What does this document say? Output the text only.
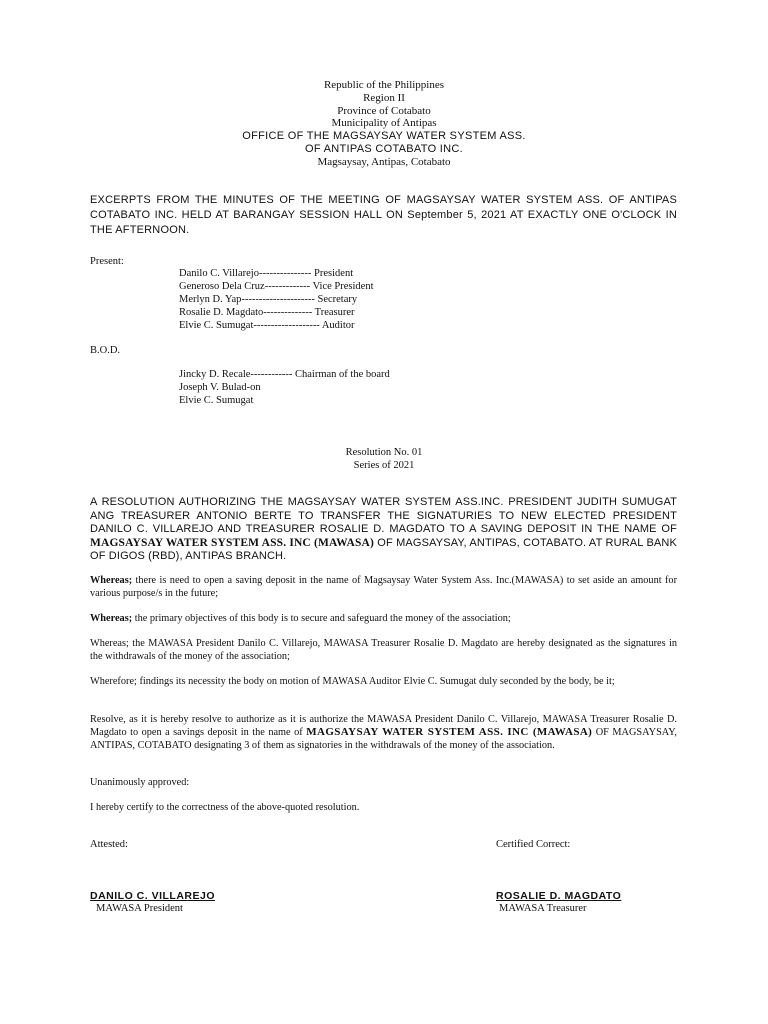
Republic of the Philippines
Region II
Province of Cotabato
Municipality of Antipas
OFFICE OF THE MAGSAYSAY WATER SYSTEM ASS.
OF ANTIPAS COTABATO INC.
Magsaysay, Antipas, Cotabato
EXCERPTS FROM THE MINUTES OF THE MEETING OF MAGSAYSAY WATER SYSTEM ASS. OF ANTIPAS COTABATO INC. HELD AT BARANGAY SESSION HALL ON September 5, 2021 AT EXACTLY ONE O'CLOCK IN THE AFTERNOON.
Present:
Danilo C. Villarejo--------------- President
Generoso Dela Cruz------------- Vice President
Merlyn D. Yap--------------------- Secretary
Rosalie D. Magdato-------------- Treasurer
Elvie C. Sumugat------------------- Auditor
B.O.D.
Jincky D. Recale------------ Chairman of the board
Joseph V. Bulad-on
Elvie C. Sumugat
Resolution No. 01
Series of 2021
A RESOLUTION AUTHORIZING THE MAGSAYSAY WATER SYSTEM ASS.INC. PRESIDENT JUDITH SUMUGAT ANG TREASURER ANTONIO BERTE TO TRANSFER THE SIGNATURIES TO NEW ELECTED PRESIDENT DANILO C. VILLAREJO AND TREASURER ROSALIE D. MAGDATO TO A SAVING DEPOSIT IN THE NAME OF MAGSAYSAY WATER SYSTEM ASS. INC (MAWASA) OF MAGSAYSAY, ANTIPAS, COTABATO. AT RURAL BANK OF DIGOS (RBD), ANTIPAS BRANCH.
Whereas; there is need to open a saving deposit in the name of Magsaysay Water System Ass. Inc.(MAWASA) to set aside an amount for various purpose/s in the future;
Whereas; the primary objectives of this body is to secure and safeguard the money of the association;
Whereas; the MAWASA President Danilo C. Villarejo, MAWASA Treasurer Rosalie D. Magdato are hereby designated as the signatures in the withdrawals of the money of the association;
Wherefore; findings its necessity the body on motion of MAWASA Auditor Elvie C. Sumugat duly seconded by the body, be it;
Resolve, as it is hereby resolve to authorize as it is authorize the MAWASA President Danilo C. Villarejo, MAWASA Treasurer Rosalie D. Magdato to open a savings deposit in the name of MAGSAYSAY WATER SYSTEM ASS. INC (MAWASA) OF MAGSAYSAY, ANTIPAS, COTABATO designating 3 of them as signatories in the withdrawals of the money of the association.
Unanimously approved:
I hereby certify to the correctness of the above-quoted resolution.
Attested:	Certified Correct:
DANILO C. VILLAREJO
MAWASA President
ROSALIE D. MAGDATO
MAWASA Treasurer
